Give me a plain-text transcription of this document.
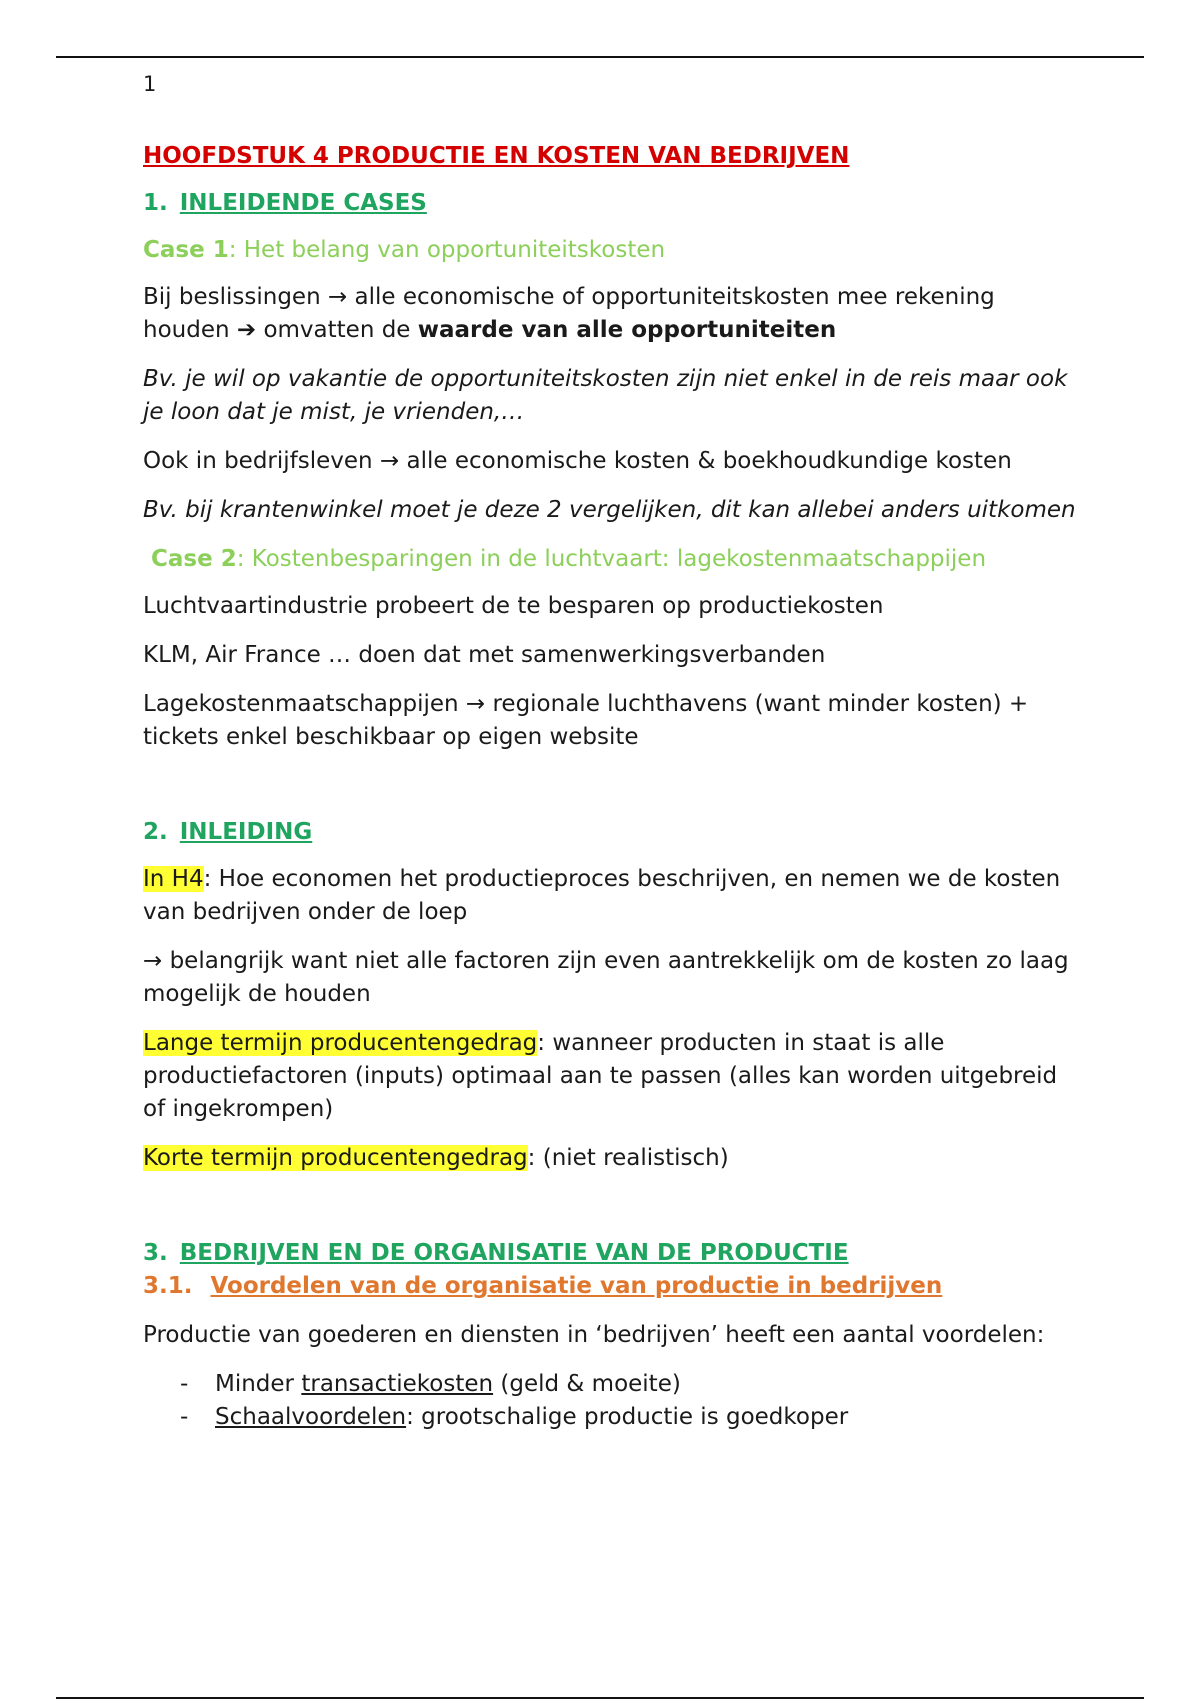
1

HOOFDSTUK 4 PRODUCTIE EN KOSTEN VAN BEDRIJVEN

1. INLEIDENDE CASES

Case 1: Het belang van opportuniteitskosten

Bij beslissingen → alle economische of opportuniteitskosten mee rekening houden ➔ omvatten de waarde van alle opportuniteiten

Bv. je wil op vakantie de opportuniteitskosten zijn niet enkel in de reis maar ook je loon dat je mist, je vrienden,…

Ook in bedrijfsleven → alle economische kosten & boekhoudkundige kosten

Bv. bij krantenwinkel moet je deze 2 vergelijken, dit kan allebei anders uitkomen

Case 2: Kostenbesparingen in de luchtvaart: lagekostenmaatschappijen

Luchtvaartindustrie probeert de te besparen op productiekosten

KLM, Air France … doen dat met samenwerkingsverbanden

Lagekostenmaatschappijen → regionale luchthavens (want minder kosten) + tickets enkel beschikbaar op eigen website

2. INLEIDING

In H4: Hoe economen het productieproces beschrijven, en nemen we de kosten van bedrijven onder de loep

→ belangrijk want niet alle factoren zijn even aantrekkelijk om de kosten zo laag mogelijk de houden

Lange termijn producentengedrag: wanneer producten in staat is alle productiefactoren (inputs) optimaal aan te passen (alles kan worden uitgebreid of ingekrompen)

Korte termijn producentengedrag: (niet realistisch)

3. BEDRIJVEN EN DE ORGANISATIE VAN DE PRODUCTIE

3.1. Voordelen van de organisatie van productie in bedrijven

Productie van goederen en diensten in ‘bedrijven’ heeft een aantal voordelen:

- Minder transactiekosten (geld & moeite)
- Schaalvoordelen: grootschalige productie is goedkoper
